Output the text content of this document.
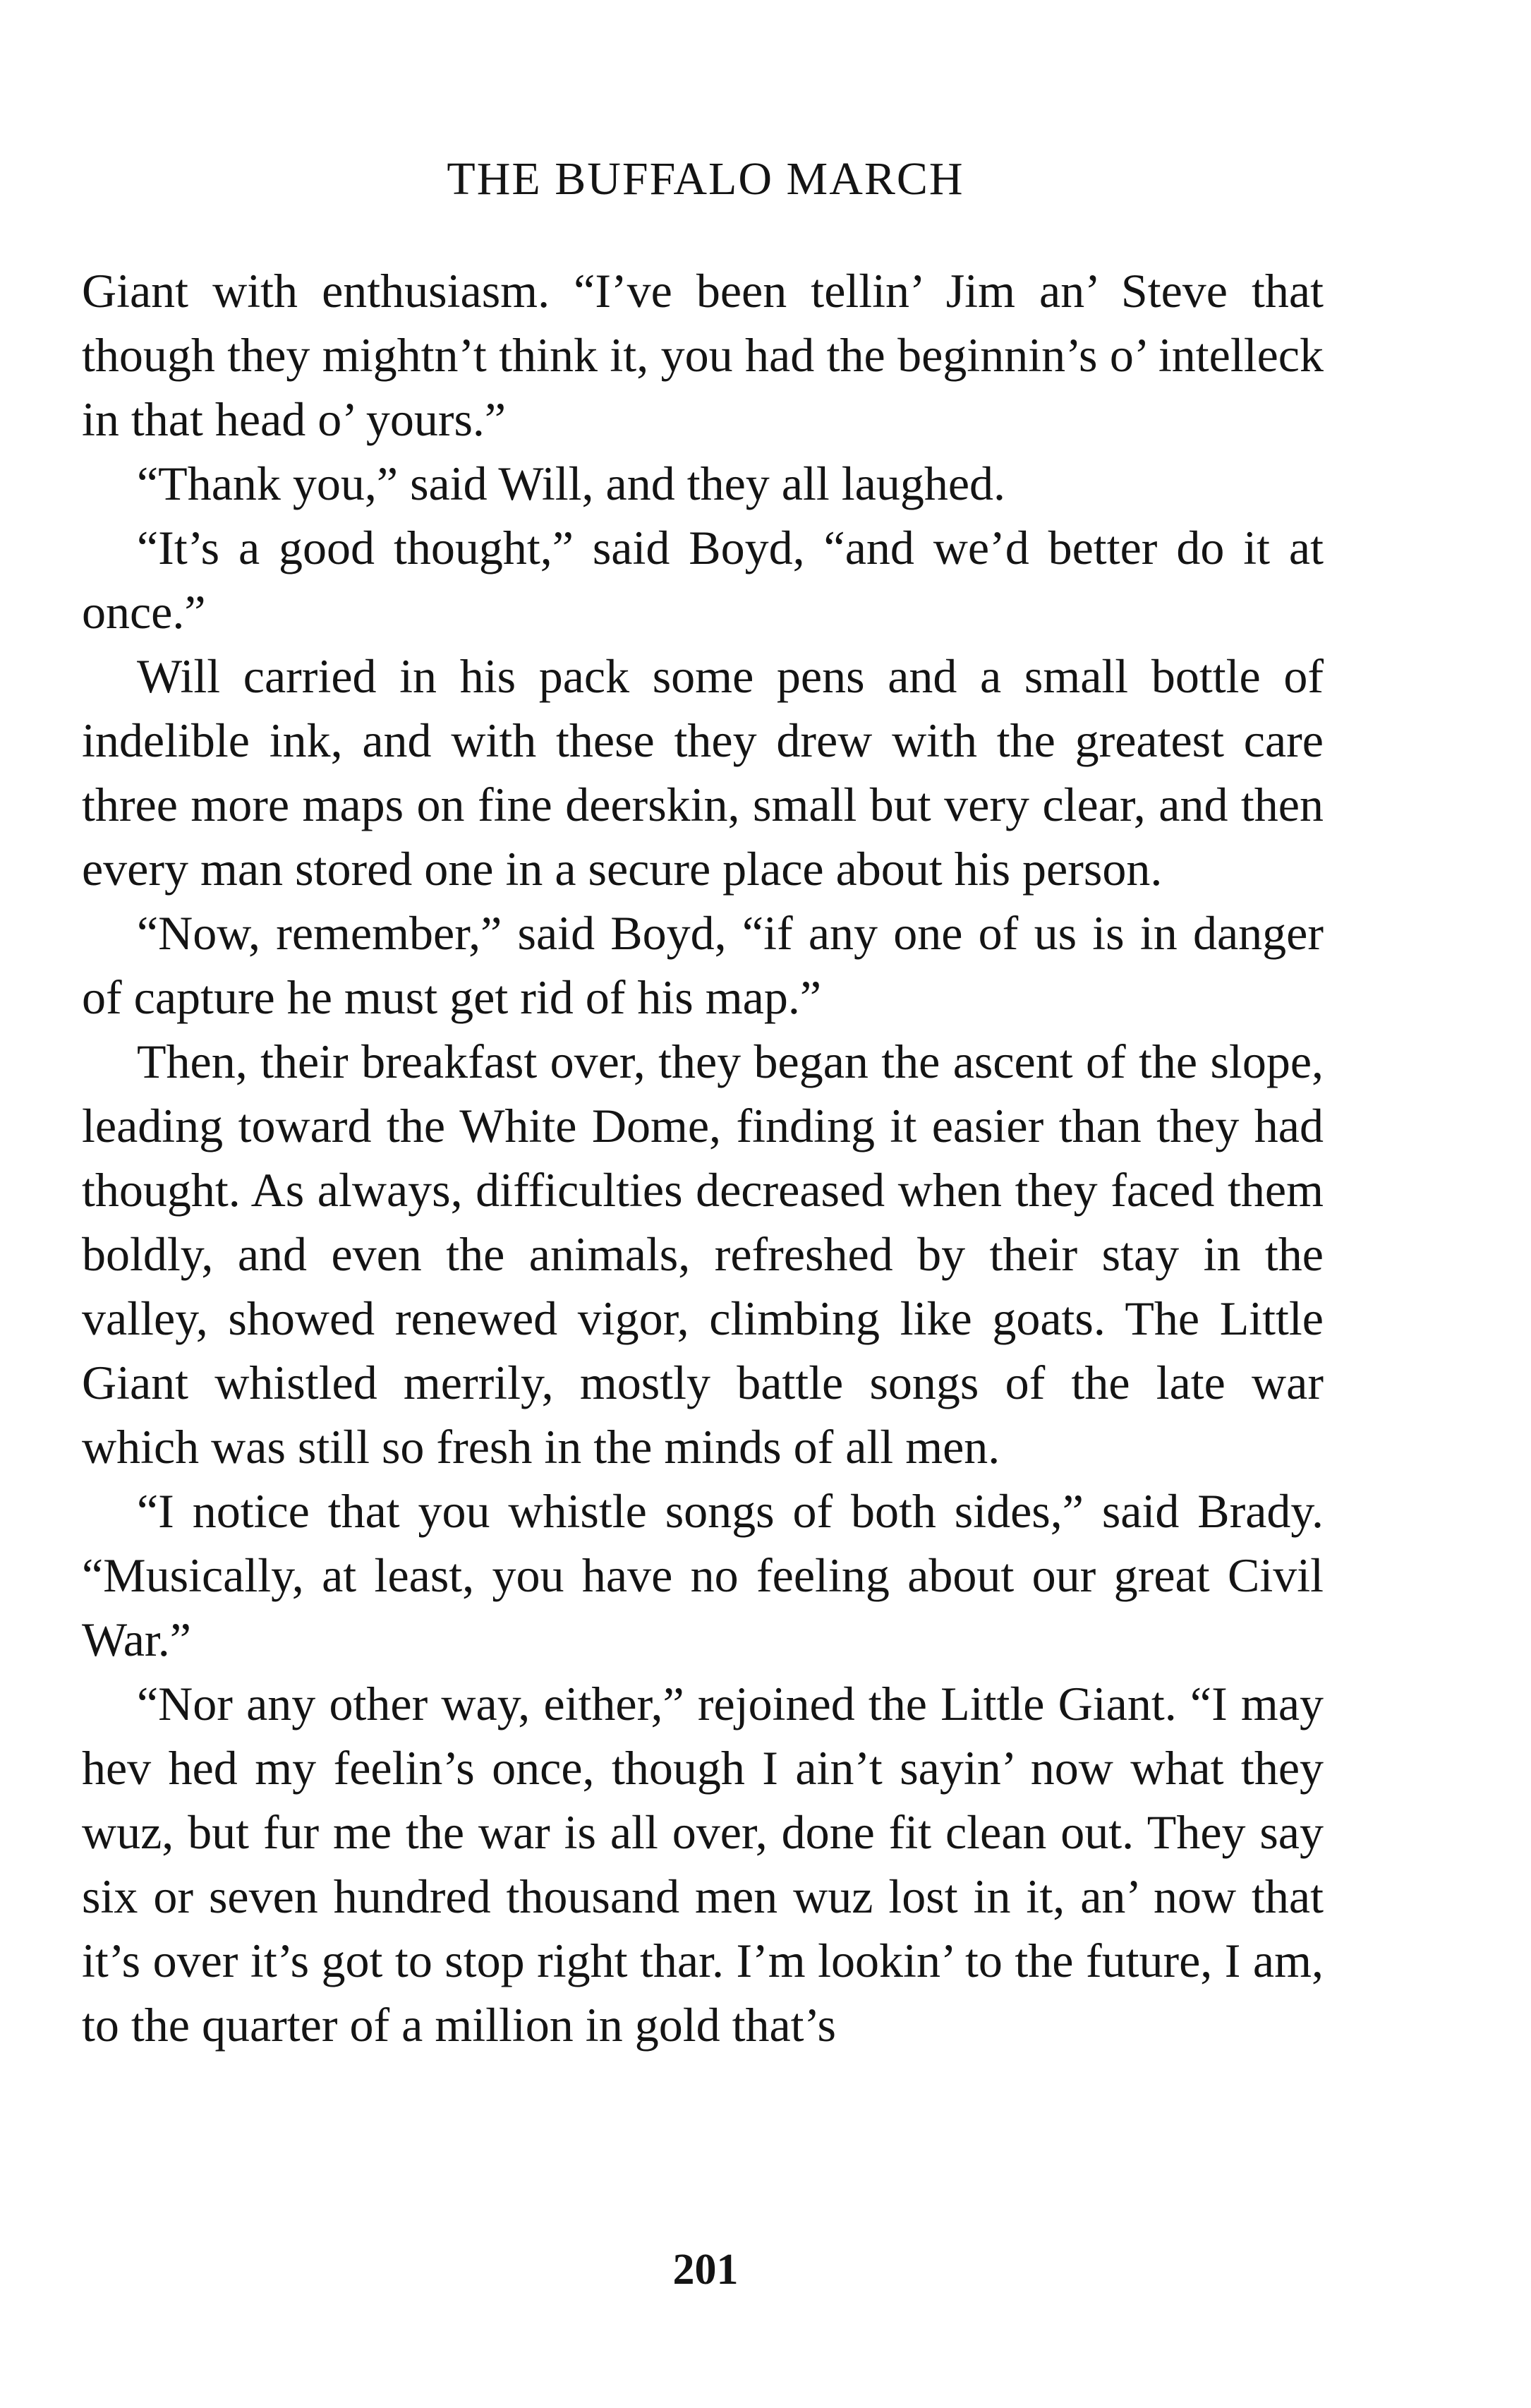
THE BUFFALO MARCH

Giant with enthusiasm. “I’ve been tellin’ Jim an’ Steve that though they mightn’t think it, you had the beginnin’s o’ intelleck in that head o’ yours.”

“Thank you,” said Will, and they all laughed.

“It’s a good thought,” said Boyd, “and we’d better do it at once.”

Will carried in his pack some pens and a small bottle of indelible ink, and with these they drew with the greatest care three more maps on fine deerskin, small but very clear, and then every man stored one in a secure place about his person.

“Now, remember,” said Boyd, “if any one of us is in danger of capture he must get rid of his map.”

Then, their breakfast over, they began the ascent of the slope, leading toward the White Dome, finding it easier than they had thought. As always, difficulties decreased when they faced them boldly, and even the animals, refreshed by their stay in the valley, showed renewed vigor, climbing like goats. The Little Giant whistled merrily, mostly battle songs of the late war which was still so fresh in the minds of all men.

“I notice that you whistle songs of both sides,” said Brady. “Musically, at least, you have no feeling about our great Civil War.”

“Nor any other way, either,” rejoined the Little Giant. “I may hev hed my feelin’s once, though I ain’t sayin’ now what they wuz, but fur me the war is all over, done fit clean out. They say six or seven hundred thousand men wuz lost in it, an’ now that it’s over it’s got to stop right thar. I’m lookin’ to the future, I am, to the quarter of a million in gold that’s

201
